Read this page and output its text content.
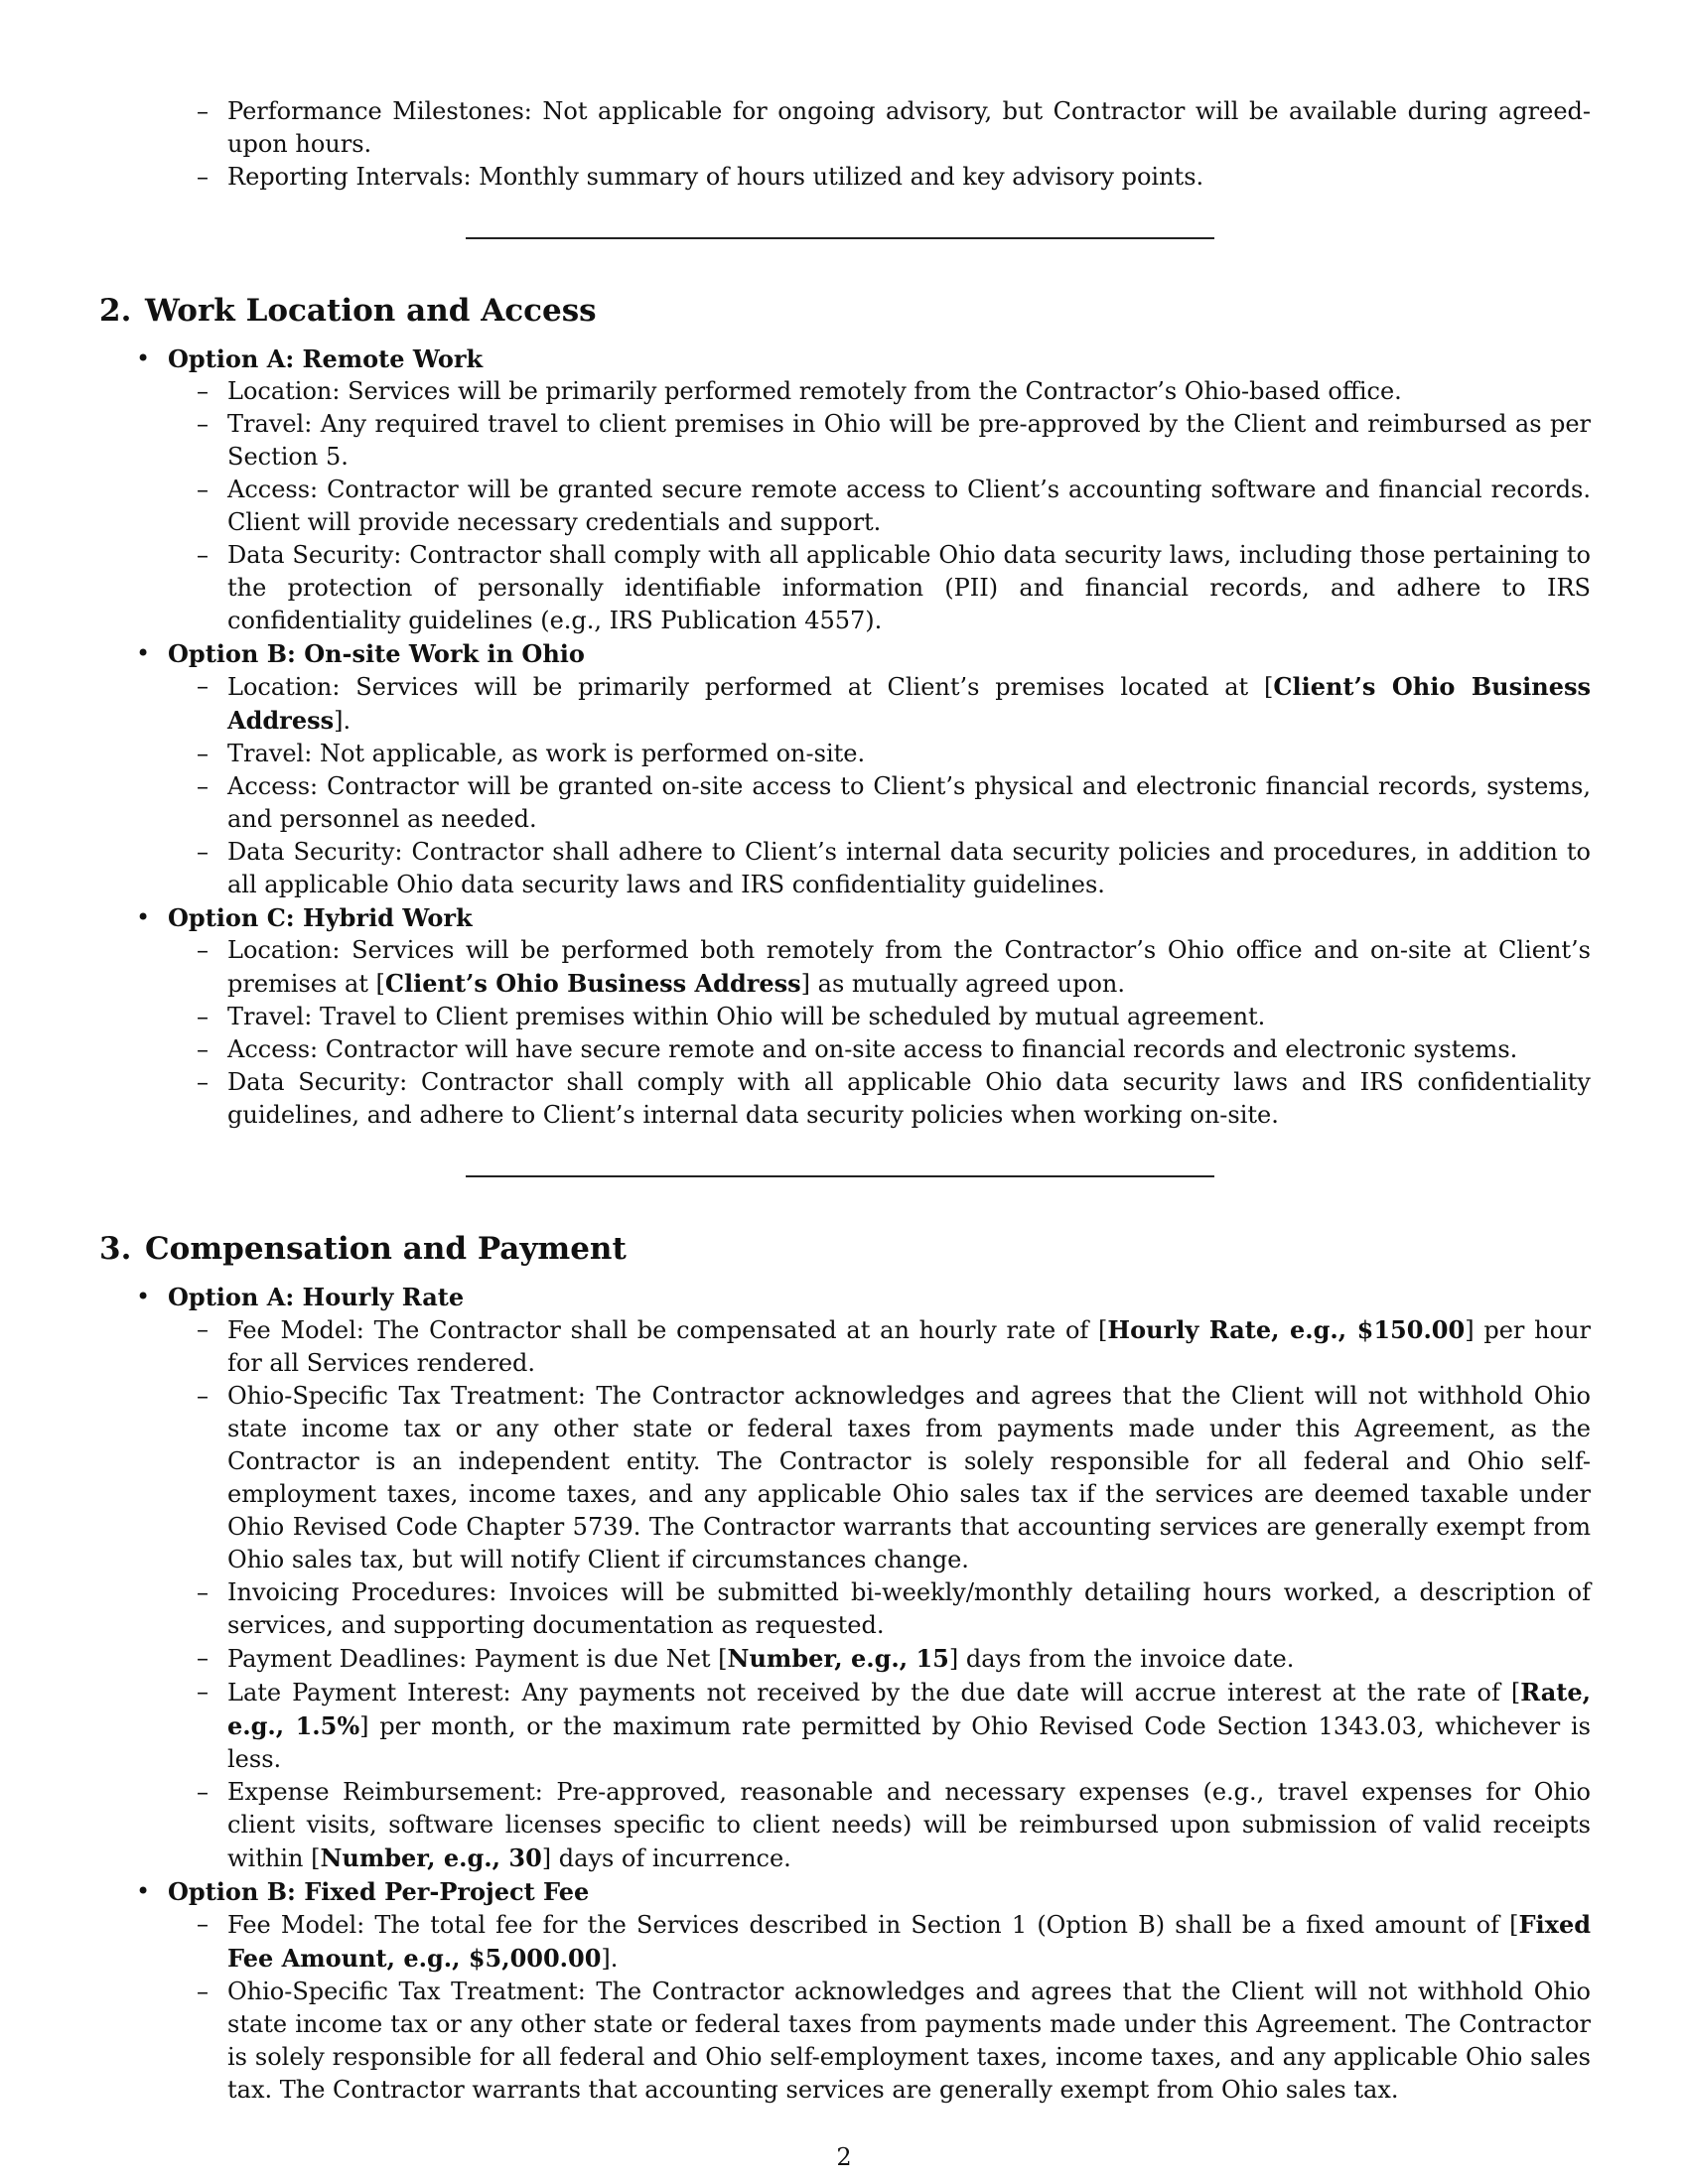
– Performance Milestones: Not applicable for ongoing advisory, but Contractor will be available during agreed-upon hours.
– Reporting Intervals: Monthly summary of hours utilized and key advisory points.
2. Work Location and Access
• Option A: Remote Work
– Location: Services will be primarily performed remotely from the Contractor’s Ohio-based office.
– Travel: Any required travel to client premises in Ohio will be pre-approved by the Client and reimbursed as per Section 5.
– Access: Contractor will be granted secure remote access to Client’s accounting software and financial records. Client will provide necessary credentials and support.
– Data Security: Contractor shall comply with all applicable Ohio data security laws, including those pertaining to the protection of personally identifiable information (PII) and financial records, and adhere to IRS confidentiality guidelines (e.g., IRS Publication 4557).
• Option B: On-site Work in Ohio
– Location: Services will be primarily performed at Client’s premises located at [Client’s Ohio Business Address].
– Travel: Not applicable, as work is performed on-site.
– Access: Contractor will be granted on-site access to Client’s physical and electronic financial records, systems, and personnel as needed.
– Data Security: Contractor shall adhere to Client’s internal data security policies and procedures, in addition to all applicable Ohio data security laws and IRS confidentiality guidelines.
• Option C: Hybrid Work
– Location: Services will be performed both remotely from the Contractor’s Ohio office and on-site at Client’s premises at [Client’s Ohio Business Address] as mutually agreed upon.
– Travel: Travel to Client premises within Ohio will be scheduled by mutual agreement.
– Access: Contractor will have secure remote and on-site access to financial records and electronic systems.
– Data Security: Contractor shall comply with all applicable Ohio data security laws and IRS confidentiality guidelines, and adhere to Client’s internal data security policies when working on-site.
3. Compensation and Payment
• Option A: Hourly Rate
– Fee Model: The Contractor shall be compensated at an hourly rate of [Hourly Rate, e.g., $150.00] per hour for all Services rendered.
– Ohio-Specific Tax Treatment: The Contractor acknowledges and agrees that the Client will not withhold Ohio state income tax or any other state or federal taxes from payments made under this Agreement, as the Contractor is an independent entity. The Contractor is solely responsible for all federal and Ohio self-employment taxes, income taxes, and any applicable Ohio sales tax if the services are deemed taxable under Ohio Revised Code Chapter 5739. The Contractor warrants that accounting services are generally exempt from Ohio sales tax, but will notify Client if circumstances change.
– Invoicing Procedures: Invoices will be submitted bi-weekly/monthly detailing hours worked, a description of services, and supporting documentation as requested.
– Payment Deadlines: Payment is due Net [Number, e.g., 15] days from the invoice date.
– Late Payment Interest: Any payments not received by the due date will accrue interest at the rate of [Rate, e.g., 1.5%] per month, or the maximum rate permitted by Ohio Revised Code Section 1343.03, whichever is less.
– Expense Reimbursement: Pre-approved, reasonable and necessary expenses (e.g., travel expenses for Ohio client visits, software licenses specific to client needs) will be reimbursed upon submission of valid receipts within [Number, e.g., 30] days of incurrence.
• Option B: Fixed Per-Project Fee
– Fee Model: The total fee for the Services described in Section 1 (Option B) shall be a fixed amount of [Fixed Fee Amount, e.g., $5,000.00].
– Ohio-Specific Tax Treatment: The Contractor acknowledges and agrees that the Client will not withhold Ohio state income tax or any other state or federal taxes from payments made under this Agreement. The Contractor is solely responsible for all federal and Ohio self-employment taxes, income taxes, and any applicable Ohio sales tax. The Contractor warrants that accounting services are generally exempt from Ohio sales tax.
2
